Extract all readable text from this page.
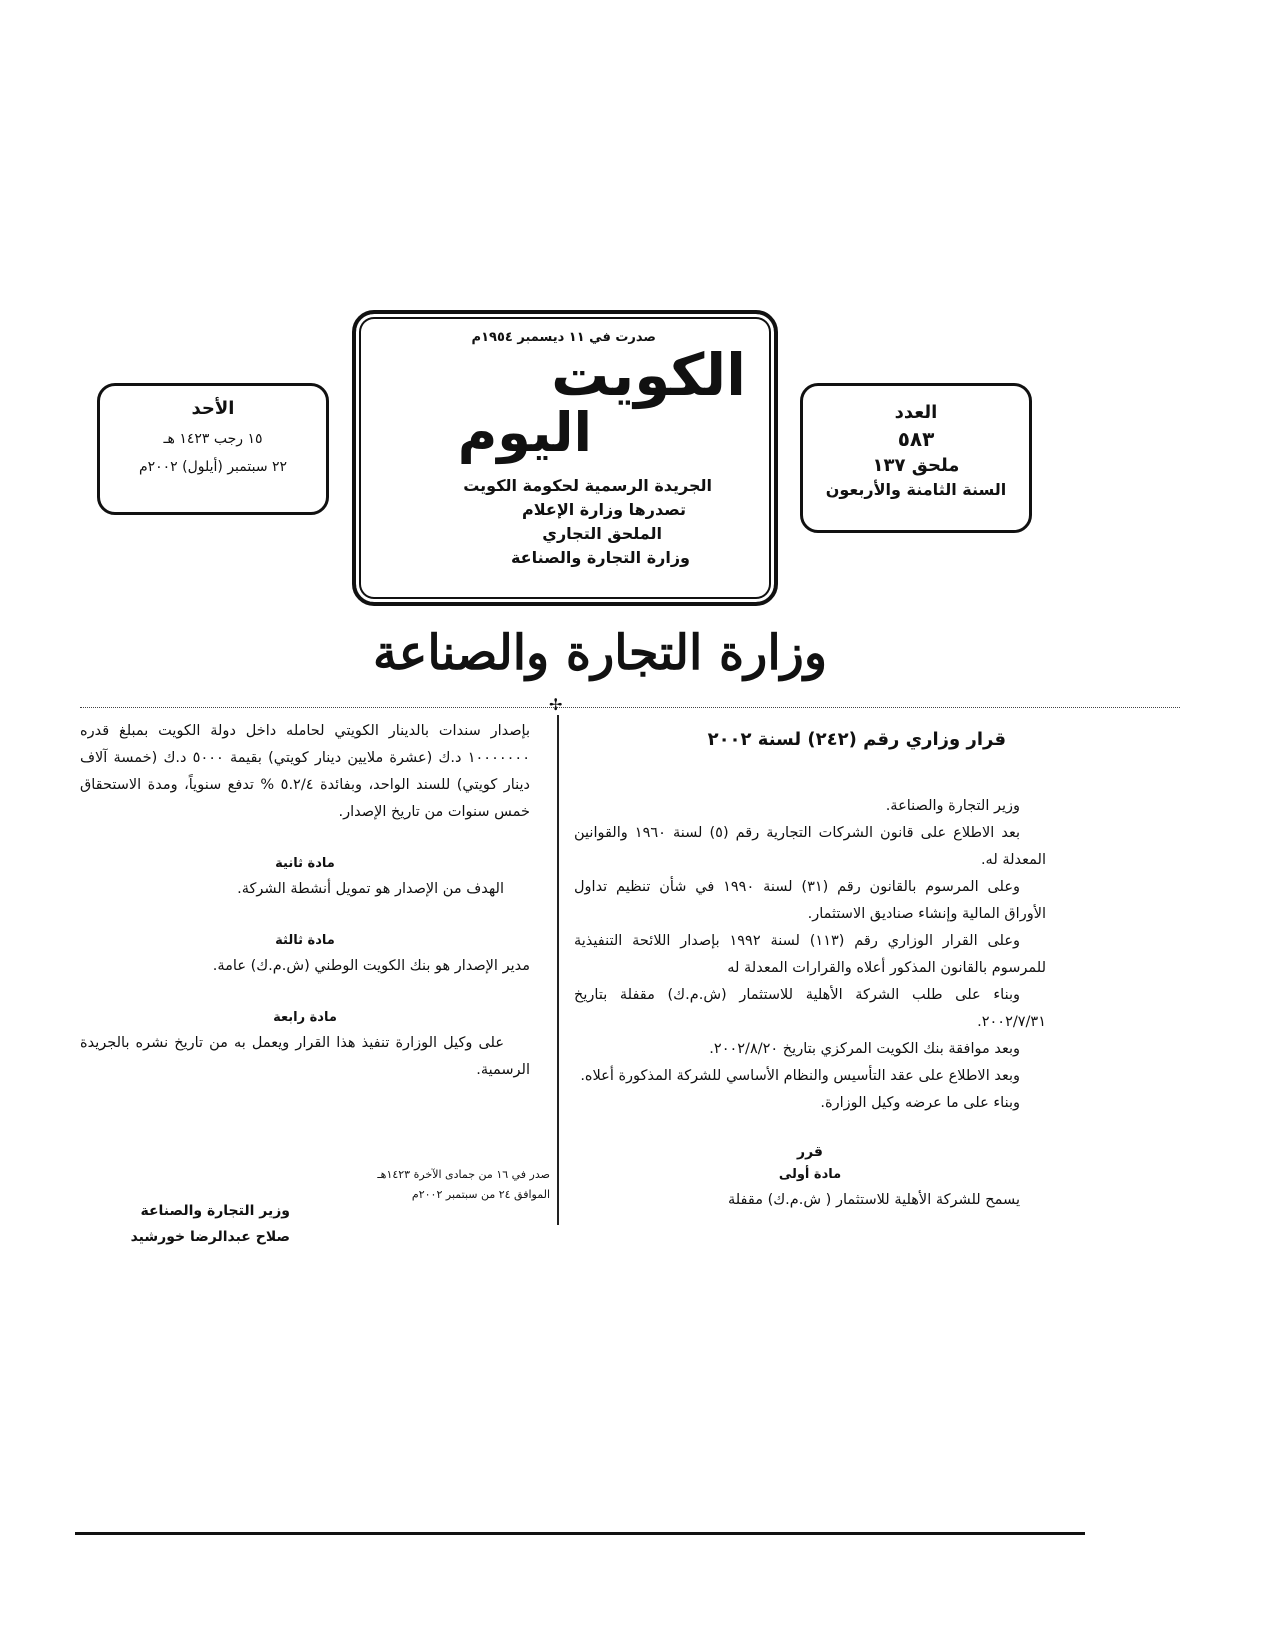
الأحد
١٥ رجب ١٤٢٣ هـ
٢٢ سبتمبر (أيلول) ٢٠٠٢م
صدرت في ١١ ديسمبر ١٩٥٤م
الكويت
اليوم
الجريدة الرسمية لحكومة الكويت
تصدرها وزارة الإعلام
الملحق التجاري
وزارة التجارة والصناعة
العدد
٥٨٣
ملحق ١٣٧
السنة الثامنة والأربعون
وزارة التجارة والصناعة
✢
قرار وزاري رقم (٢٤٢) لسنة ٢٠٠٢

وزير التجارة والصناعة.

بعد الاطلاع على قانون الشركات التجارية رقم (٥) لسنة ١٩٦٠ والقوانين المعدلة له.

وعلى المرسوم بالقانون رقم (٣١) لسنة ١٩٩٠ في شأن تنظيم تداول الأوراق المالية وإنشاء صناديق الاستثمار.

وعلى القرار الوزاري رقم (١١٣) لسنة ١٩٩٢ بإصدار اللائحة التنفيذية للمرسوم بالقانون المذكور أعلاه والقرارات المعدلة له

وبناء على طلب الشركة الأهلية للاستثمار (ش.م.ك) مقفلة بتاريخ ٢٠٠٢/٧/٣١.

وبعد موافقة بنك الكويت المركزي بتاريخ ٢٠٠٢/٨/٢٠.

وبعد الاطلاع على عقد التأسيس والنظام الأساسي للشركة المذكورة أعلاه.

وبناء على ما عرضه وكيل الوزارة.

قرر
مادة أولى

يسمح للشركة الأهلية للاستثمار ( ش.م.ك) مقفلة

بإصدار سندات بالدينار الكويتي لحامله داخل دولة الكويت بمبلغ قدره ١٠٠٠٠٠٠٠ د.ك (عشرة ملايين دينار كويتي) بقيمة ٥٠٠٠ د.ك (خمسة آلاف دينار كويتي) للسند الواحد، وبفائدة ٥.٢/٤ % تدفع سنوياً، ومدة الاستحقاق خمس سنوات من تاريخ الإصدار.

مادة ثانية

الهدف من الإصدار هو تمويل أنشطة الشركة.

مادة ثالثة

مدير الإصدار هو بنك الكويت الوطني (ش.م.ك) عامة.

مادة رابعة

على وكيل الوزارة تنفيذ هذا القرار ويعمل به من تاريخ نشره بالجريدة الرسمية.

صدر في ١٦ من جمادى الآخرة ١٤٢٣هـ
الموافق ٢٤ من سبتمبر ٢٠٠٢م
وزير التجارة والصناعة
صلاح عبدالرضا خورشيد
